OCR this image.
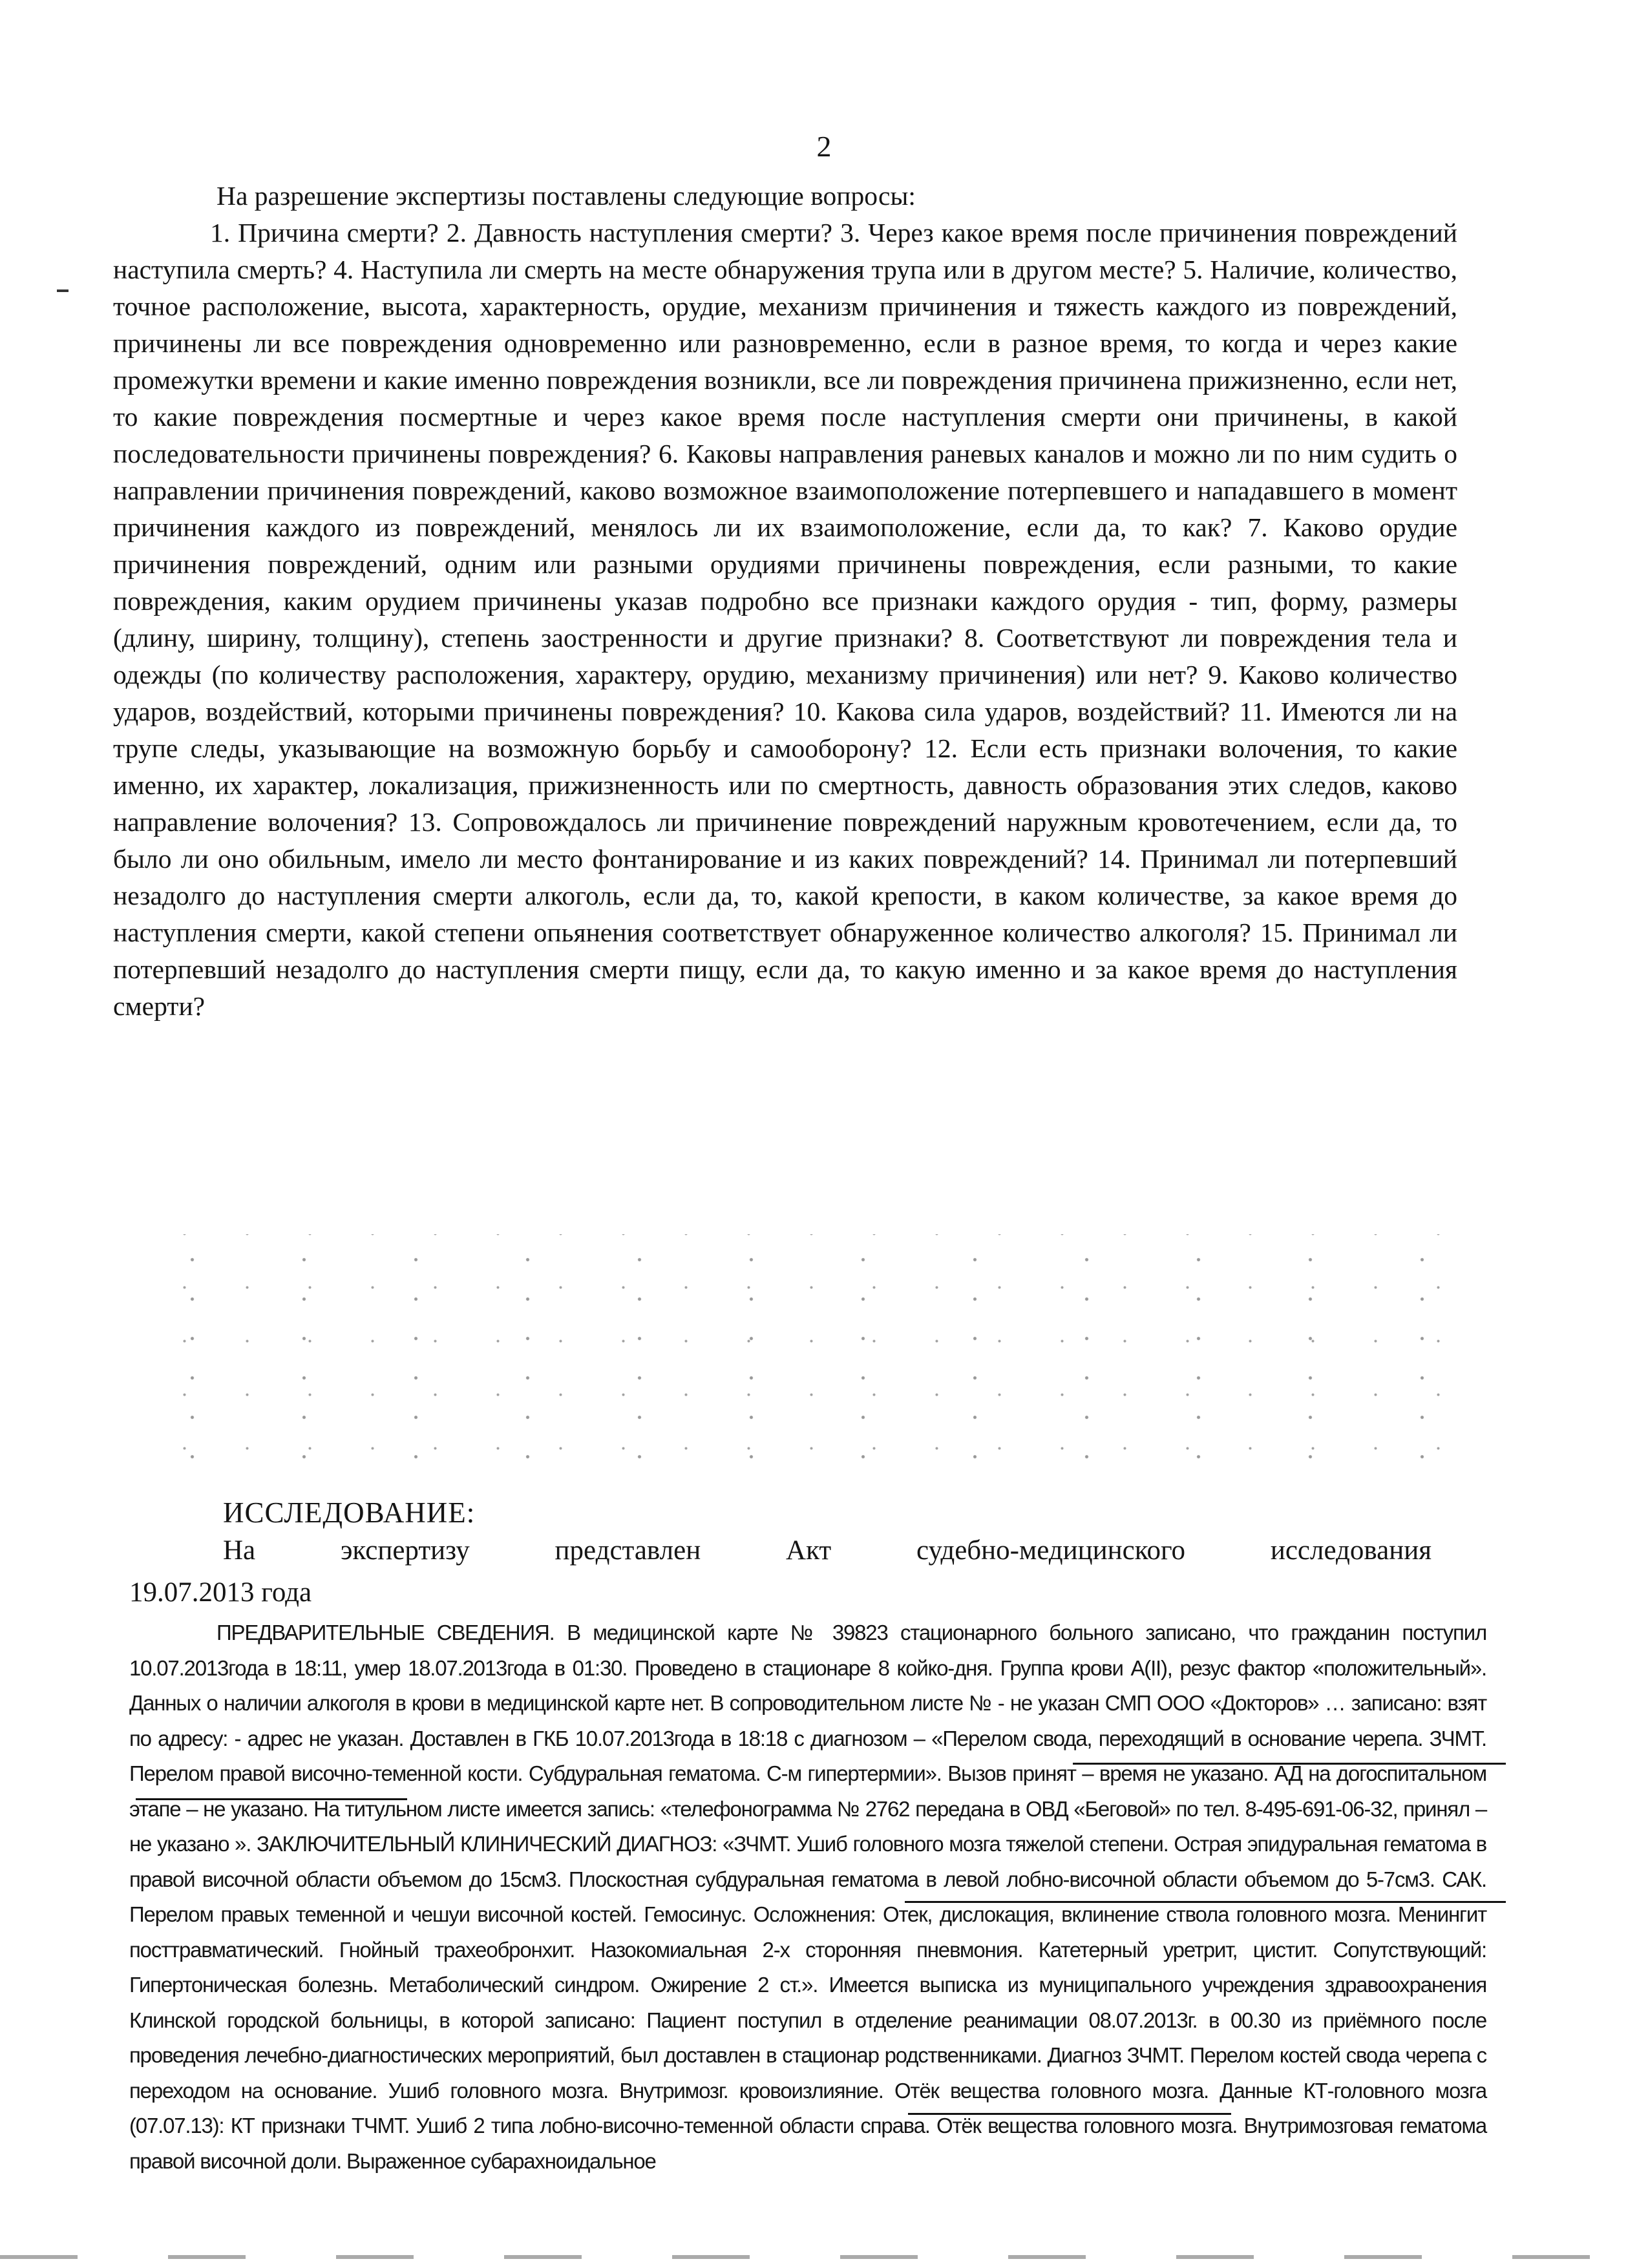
2

На разрешение экспертизы поставлены следующие вопросы:

1. Причина смерти? 2. Давность наступления смерти? 3. Через какое время после причинения повреждений наступила смерть? 4. Наступила ли смерть на месте обнаружения трупа или в другом месте? 5. Наличие, количество, точное расположение, высота, характерность, орудие, механизм причинения и тяжесть каждого из повреждений, причинены ли все повреждения одновременно или разновременно, если в разное время, то когда и через какие промежутки времени и какие именно повреждения возникли, все ли повреждения причинена прижизненно, если нет, то какие повреждения посмертные и через какое время после наступления смерти они причинены, в какой последовательности причинены повреждения? 6. Каковы направления раневых каналов и можно ли по ним судить о направлении причинения повреждений, каково возможное взаимоположение потерпевшего и нападавшего в момент причинения каждого из повреждений, менялось ли их взаимоположение, если да, то как? 7. Каково орудие причинения повреждений, одним или разными орудиями причинены повреждения, если разными, то какие повреждения, каким орудием причинены указав подробно все признаки каждого орудия - тип, форму, размеры (длину, ширину, толщину), степень заостренности и другие признаки? 8. Соответствуют ли повреждения тела и одежды (по количеству расположения, характеру, орудию, механизму причинения) или нет? 9. Каково количество ударов, воздействий, которыми причинены повреждения? 10. Какова сила ударов, воздействий? 11. Имеются ли на трупе следы, указывающие на возможную борьбу и самооборону? 12. Если есть признаки волочения, то какие именно, их характер, локализация, прижизненность или по смертность, давность образования этих следов, каково направление волочения? 13. Сопровождалось ли причинение повреждений наружным кровотечением, если да, то было ли оно обильным, имело ли место фонтанирование и из каких повреждений? 14. Принимал ли потерпевший незадолго до наступления смерти алкоголь, если да, то, какой крепости, в каком количестве, за какое время до наступления смерти, какой степени опьянения соответствует обнаруженное количество алкоголя? 15. Принимал ли потерпевший незадолго до наступления смерти пищу, если да, то какую именно и за какое время до наступления смерти?

ИССЛЕДОВАНИЕ:
На экспертизу представлен Акт судебно-медицинского исследования
19.07.2013 года

ПРЕДВАРИТЕЛЬНЫЕ СВЕДЕНИЯ. В медицинской карте № 39823 стационарного больного записано, что гражданин поступил 10.07.2013года в 18:11, умер 18.07.2013года в 01:30. Проведено в стационаре 8 койко-дня. Группа крови А(II), резус фактор «положительный». Данных о наличии алкоголя в крови в медицинской карте нет. В сопроводительном листе № - не указан СМП ООО «Докторов» … записано: взят по адресу: - адрес не указан. Доставлен в ГКБ 10.07.2013года в 18:18 с диагнозом – «Перелом свода, переходящий в основание черепа. ЗЧМТ. Перелом правой височно-теменной кости. Субдуральная гематома. С-м гипертермии». Вызов принят – время не указано. АД на догоспитальном этапе – не указано. На титульном листе имеется запись: «телефонограмма № 2762 передана в ОВД «Беговой» по тел. 8-495-691-06-32, принял – не указано ». ЗАКЛЮЧИТЕЛЬНЫЙ КЛИНИЧЕСКИЙ ДИАГНОЗ: «ЗЧМТ. Ушиб головного мозга тяжелой степени. Острая эпидуральная гематома в правой височной области объемом до 15см3. Плоскостная субдуральная гематома в левой лобно-височной области объемом до 5-7см3. САК. Перелом правых теменной и чешуи височной костей. Гемосинус. Осложнения: Отек, дислокация, вклинение ствола головного мозга. Менингит посттравматический. Гнойный трахеобронхит. Назокомиальная 2-х сторонняя пневмония. Катетерный уретрит, цистит. Сопутствующий: Гипертоническая болезнь. Метаболический синдром. Ожирение 2 ст.». Имеется выписка из муниципального учреждения здравоохранения Клинской городской больницы, в которой записано: Пациент поступил в отделение реанимации 08.07.2013г. в 00.30 из приёмного после проведения лечебно-диагностических мероприятий, был доставлен в стационар родственниками. Диагноз ЗЧМТ. Перелом костей свода черепа с переходом на основание. Ушиб головного мозга. Внутримозг. кровоизлияние. Отёк вещества головного мозга. Данные КТ-головного мозга (07.07.13): КТ признаки ТЧМТ. Ушиб 2 типа лобно-височно-теменной области справа. Отёк вещества головного мозга. Внутримозговая гематома правой височной доли. Выраженное субарахноидальное
